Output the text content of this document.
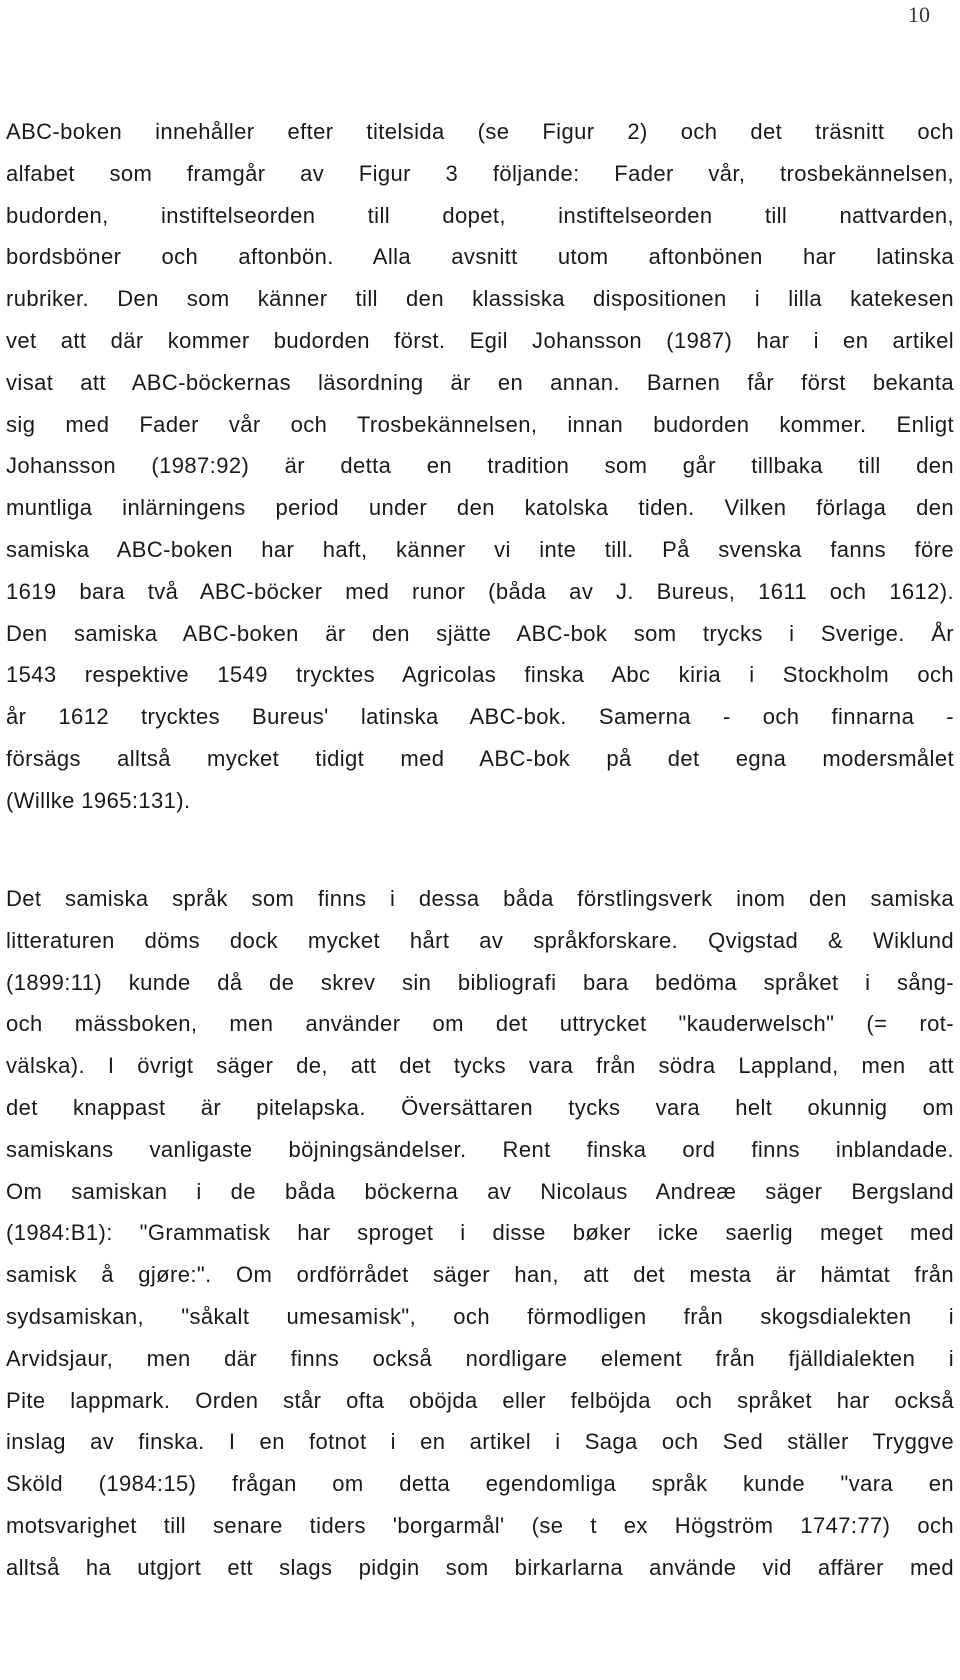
10
ABC-boken innehåller efter titelsida (se Figur 2) och det träsnitt och
alfabet som framgår av Figur 3 följande: Fader vår, trosbekännelsen,
budorden, instiftelseorden till dopet, instiftelseorden till nattvarden,
bordsböner och aftonbön. Alla avsnitt utom aftonbönen har latinska
rubriker. Den som känner till den klassiska dispositionen i lilla katekesen
vet att där kommer budorden först. Egil Johansson (1987) har i en artikel
visat att ABC-böckernas läsordning är en annan. Barnen får först bekanta
sig med Fader vår och Trosbekännelsen, innan budorden kommer. Enligt
Johansson (1987:92) är detta en tradition som går tillbaka till den
muntliga inlärningens period under den katolska tiden. Vilken förlaga den
samiska ABC-boken har haft, känner vi inte till. På svenska fanns före
1619 bara två ABC-böcker med runor (båda av J. Bureus, 1611 och 1612).
Den samiska ABC-boken är den sjätte ABC-bok som trycks i Sverige. År
1543 respektive 1549 trycktes Agricolas finska Abc kiria i Stockholm och
år 1612 trycktes Bureus' latinska ABC-bok. Samerna - och finnarna -
försägs alltså mycket tidigt med ABC-bok på det egna modersmålet
(Willke 1965:131).
Det samiska språk som finns i dessa båda förstlingsverk inom den samiska
litteraturen döms dock mycket hårt av språkforskare. Qvigstad & Wiklund
(1899:11) kunde då de skrev sin bibliografi bara bedöma språket i sång-
och mässboken, men använder om det uttrycket "kauderwelsch" (= rot-
välska). I övrigt säger de, att det tycks vara från södra Lappland, men att
det knappast är pitelapska. Översättaren tycks vara helt okunnig om
samiskans vanligaste böjningsändelser. Rent finska ord finns inblandade.
Om samiskan i de båda böckerna av Nicolaus Andreæ säger Bergsland
(1984:B1): "Grammatisk har sproget i disse bøker icke saerlig meget med
samisk å gjøre:". Om ordförrådet säger han, att det mesta är hämtat från
sydsamiskan, "såkalt umesamisk", och förmodligen från skogsdialekten i
Arvidsjaur, men där finns också nordligare element från fjälldialekten i
Pite lappmark. Orden står ofta oböjda eller felböjda och språket har också
inslag av finska. I en fotnot i en artikel i Saga och Sed ställer Tryggve
Sköld (1984:15) frågan om detta egendomliga språk kunde "vara en
motsvarighet till senare tiders 'borgarmål' (se t ex Högström 1747:77) och
alltså ha utgjort ett slags pidgin som birkarlarna använde vid affärer med
